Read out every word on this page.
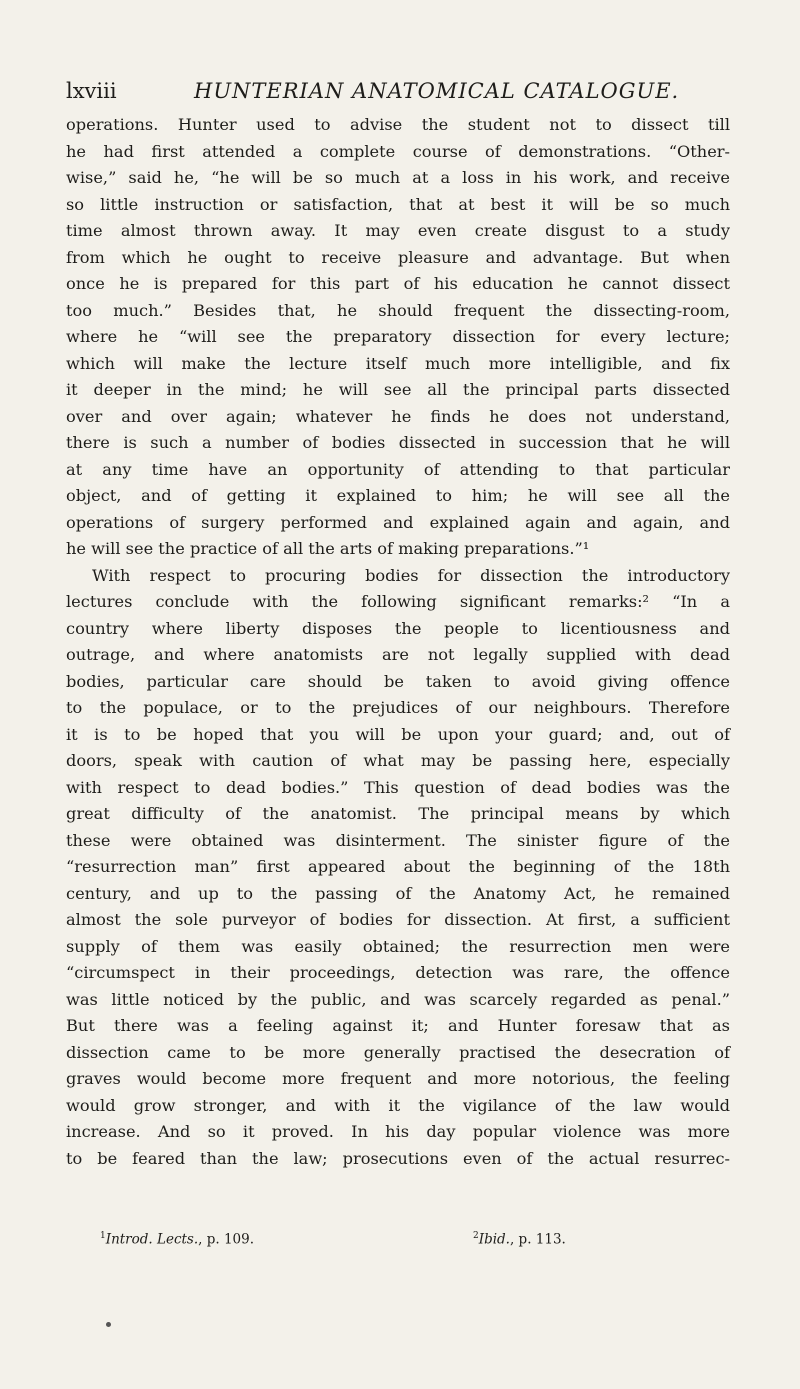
lxviii	HUNTERIAN ANATOMICAL CATALOGUE.
operations. Hunter used to advise the student not to dissect till
he had first attended a complete course of demonstrations. “Other-
wise,” said he, “he will be so much at a loss in his work, and receive
so little instruction or satisfaction, that at best it will be so much
time almost thrown away. It may even create disgust to a study
from which he ought to receive pleasure and advantage. But when
once he is prepared for this part of his education he cannot dissect
too much.” Besides that, he should frequent the dissecting-room,
where he “will see the preparatory dissection for every lecture;
which will make the lecture itself much more intelligible, and fix
it deeper in the mind; he will see all the principal parts dissected
over and over again; whatever he finds he does not understand,
there is such a number of bodies dissected in succession that he will
at any time have an opportunity of attending to that particular
object, and of getting it explained to him; he will see all the
operations of surgery performed and explained again and again, and
he will see the practice of all the arts of making preparations.”¹
With respect to procuring bodies for dissection the introductory
lectures conclude with the following significant remarks:² “In a
country where liberty disposes the people to licentiousness and
outrage, and where anatomists are not legally supplied with dead
bodies, particular care should be taken to avoid giving offence
to the populace, or to the prejudices of our neighbours. Therefore
it is to be hoped that you will be upon your guard; and, out of
doors, speak with caution of what may be passing here, especially
with respect to dead bodies.” This question of dead bodies was the
great difficulty of the anatomist. The principal means by which
these were obtained was disinterment. The sinister figure of the
“resurrection man” first appeared about the beginning of the 18th
century, and up to the passing of the Anatomy Act, he remained
almost the sole purveyor of bodies for dissection. At first, a sufficient
supply of them was easily obtained; the resurrection men were
“circumspect in their proceedings, detection was rare, the offence
was little noticed by the public, and was scarcely regarded as penal.”
But there was a feeling against it; and Hunter foresaw that as
dissection came to be more generally practised the desecration of
graves would become more frequent and more notorious, the feeling
would grow stronger, and with it the vigilance of the law would
increase. And so it proved. In his day popular violence was more
to be feared than the law; prosecutions even of the actual resurrec-
$^1$Introd. Lects., p. 109.	$^2$Ibid., p. 113.
